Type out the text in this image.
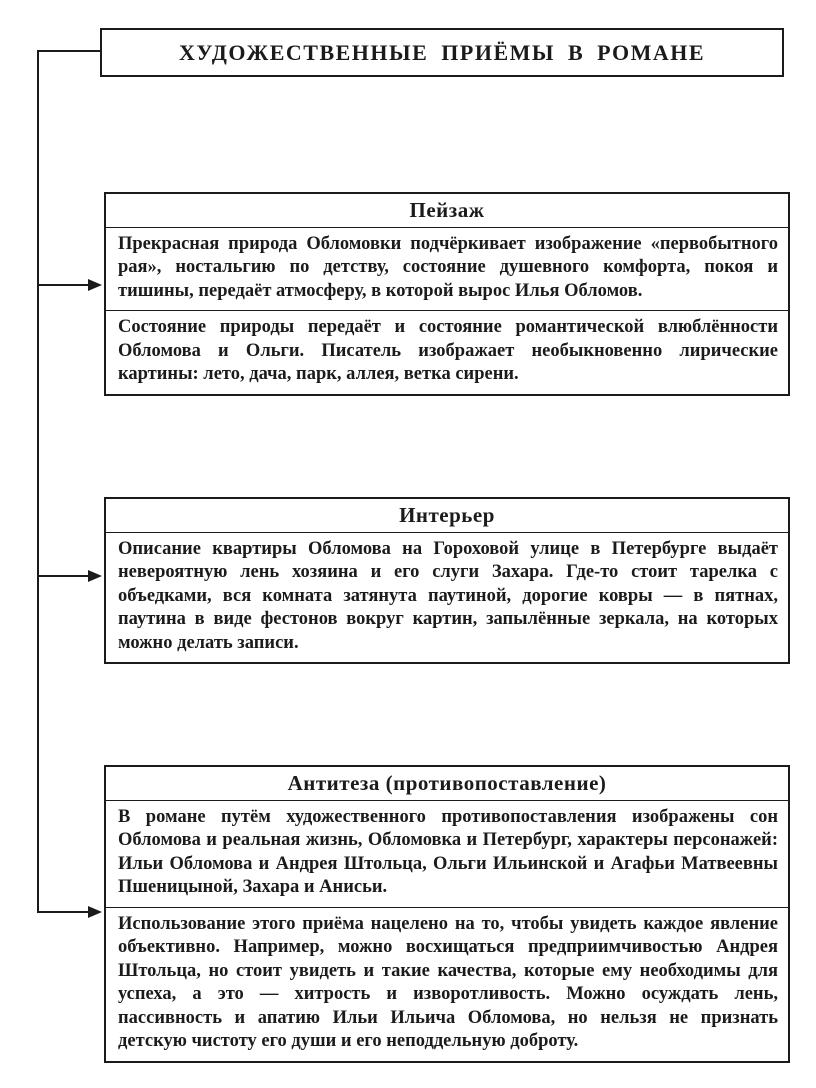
ХУДОЖЕСТВЕННЫЕ ПРИЁМЫ В РОМАНЕ
Пейзаж

Прекрасная природа Обломовки подчёркивает изображение «первобытного рая», ностальгию по детству, состояние душевного комфорта, покоя и тишины, передаёт атмосферу, в которой вырос Илья Обломов.

Состояние природы передаёт и состояние романтической влюблённости Обломова и Ольги. Писатель изображает необыкновенно лирические картины: лето, дача, парк, аллея, ветка сирени.

Интерьер

Описание квартиры Обломова на Гороховой улице в Петербурге выдаёт невероятную лень хозяина и его слуги Захара. Где-то стоит тарелка с объедками, вся комната затянута паутиной, дорогие ковры — в пятнах, паутина в виде фестонов вокруг картин, запылённые зеркала, на которых можно делать записи.

Антитеза (противопоставление)

В романе путём художественного противопоставления изображены сон Обломова и реальная жизнь, Обломовка и Петербург, характеры персонажей: Ильи Обломова и Андрея Штольца, Ольги Ильинской и Агафьи Матвеевны Пшеницыной, Захара и Анисьи.

Использование этого приёма нацелено на то, чтобы увидеть каждое явление объективно. Например, можно восхищаться предприимчивостью Андрея Штольца, но стоит увидеть и такие качества, которые ему необходимы для успеха, а это — хитрость и изворотливость. Можно осуждать лень, пассивность и апатию Ильи Ильича Обломова, но нельзя не признать детскую чистоту его души и его неподдельную доброту.
